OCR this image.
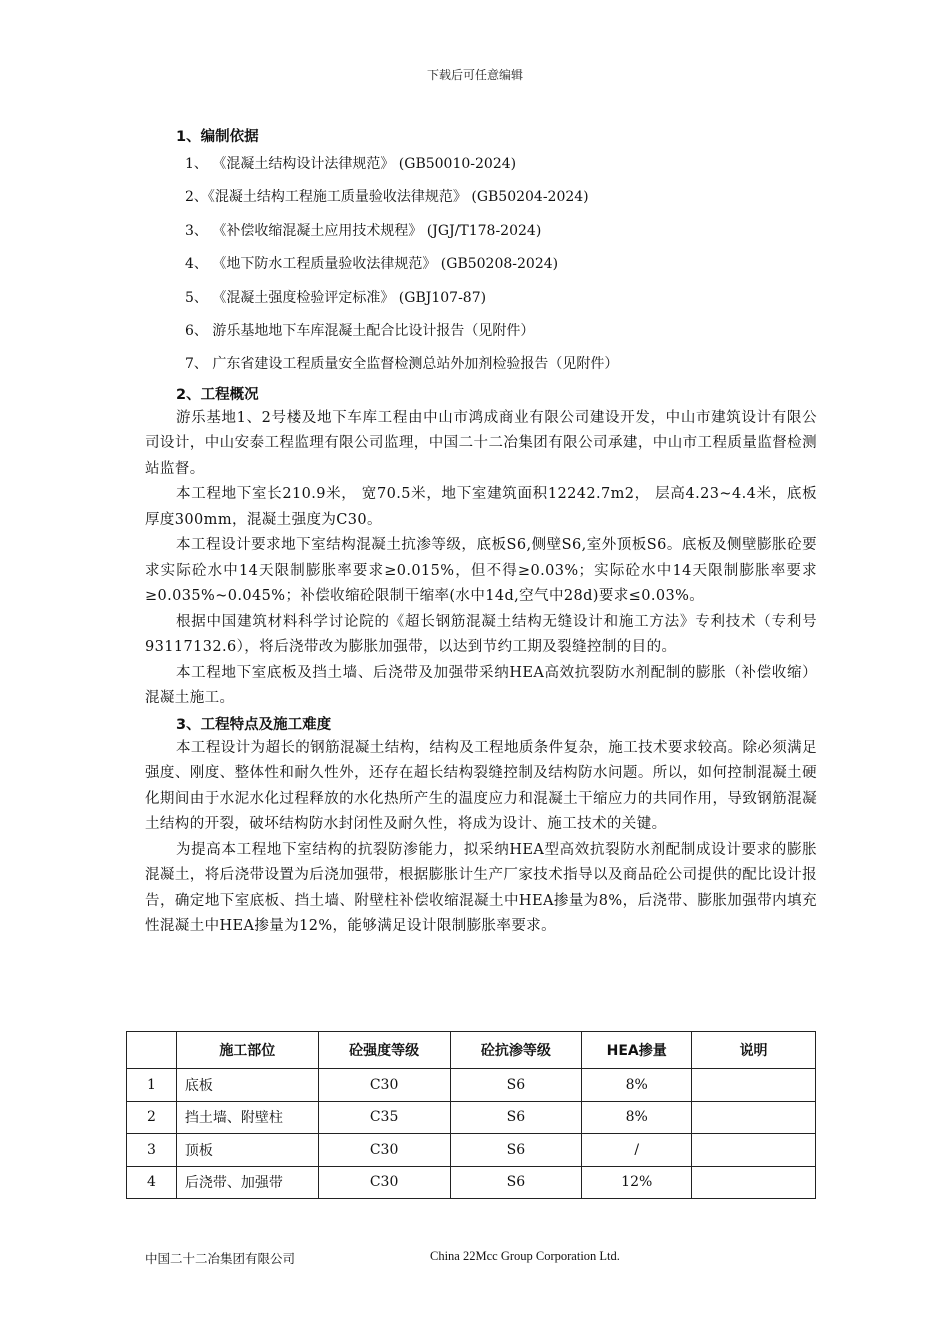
下载后可任意编辑
1、编制依据
1、 《混凝土结构设计法律规范》 (GB50010-2024)
2、《混凝土结构工程施工质量验收法律规范》 (GB50204-2024)
3、 《补偿收缩混凝土应用技术规程》 (JGJ/T178-2024)
4、 《地下防水工程质量验收法律规范》 (GB50208-2024)
5、 《混凝土强度检验评定标准》 (GBJ107-87)
6、 游乐基地地下车库混凝土配合比设计报告（见附件）
7、 广东省建设工程质量安全监督检测总站外加剂检验报告（见附件）
2、工程概况

游乐基地1、2号楼及地下车库工程由中山市鸿成商业有限公司建设开发，中山市建筑设计有限公司设计，中山安泰工程监理有限公司监理，中国二十二冶集团有限公司承建，中山市工程质量监督检测站监督。

本工程地下室长210.9米， 宽70.5米，地下室建筑面积12242.7m2， 层高4.23~4.4米，底板厚度300mm，混凝土强度为C30。

本工程设计要求地下室结构混凝土抗渗等级，底板S6,侧壁S6,室外顶板S6。底板及侧壁膨胀砼要求实际砼水中14天限制膨胀率要求≥0.015%，但不得≥0.03%；实际砼水中14天限制膨胀率要求≥0.035%~0.045%；补偿收缩砼限制干缩率(水中14d,空气中28d)要求≤0.03%。

根据中国建筑材料科学讨论院的《超长钢筋混凝土结构无缝设计和施工方法》专利技术（专利号93117132.6），将后浇带改为膨胀加强带，以达到节约工期及裂缝控制的目的。

本工程地下室底板及挡土墙、后浇带及加强带采纳HEA高效抗裂防水剂配制的膨胀（补偿收缩）混凝土施工。

3、工程特点及施工难度

本工程设计为超长的钢筋混凝土结构，结构及工程地质条件复杂，施工技术要求较高。除必须满足强度、刚度、整体性和耐久性外，还存在超长结构裂缝控制及结构防水问题。所以，如何控制混凝土硬化期间由于水泥水化过程释放的水化热所产生的温度应力和混凝土干缩应力的共同作用，导致钢筋混凝土结构的开裂，破坏结构防水封闭性及耐久性，将成为设计、施工技术的关键。

为提高本工程地下室结构的抗裂防渗能力，拟采纳HEA型高效抗裂防水剂配制成设计要求的膨胀混凝土，将后浇带设置为后浇加强带，根据膨胀计生产厂家技术指导以及商品砼公司提供的配比设计报告，确定地下室底板、挡土墙、附壁柱补偿收缩混凝土中HEA掺量为8%，后浇带、膨胀加强带内填充性混凝土中HEA掺量为12%，能够满足设计限制膨胀率要求。

	施工部位	砼强度等级	砼抗渗等级	HEA掺量	说明
1	底板	C30	S6	8%	
2	挡土墙、附壁柱	C35	S6	8%	
3	顶板	C30	S6	/	
4	后浇带、加强带	C30	S6	12%	
中国二十二冶集团有限公司	China 22Mcc Group Corporation Ltd.
